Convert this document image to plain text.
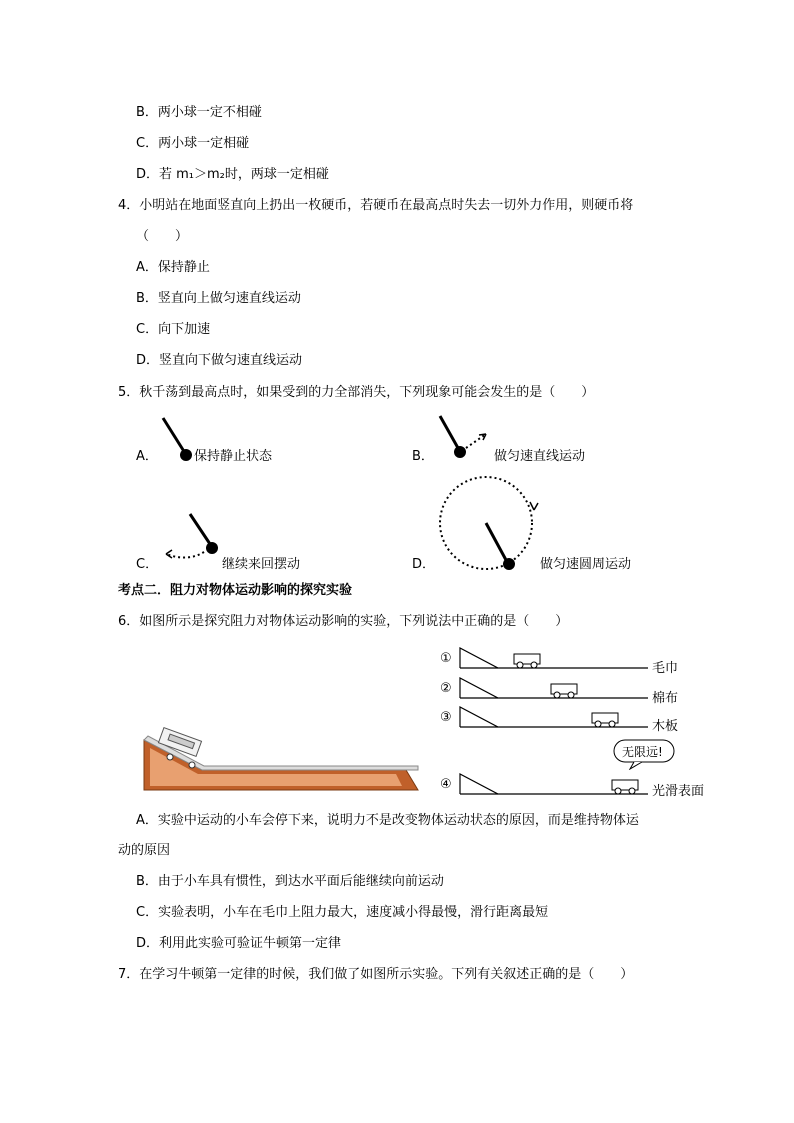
B．两小球一定不相碰
C．两小球一定相碰
D．若 m₁＞m₂时，两球一定相碰
4．小明站在地面竖直向上扔出一枚硬币，若硬币在最高点时失去一切外力作用，则硬币将
（　　）
A．保持静止
B．竖直向上做匀速直线运动
C．向下加速
D．竖直向下做匀速直线运动
5．秋千荡到最高点时，如果受到的力全部消失，下列现象可能会发生的是（　　）
A．	保持静止状态	B．	做匀速直线运动
C．	继续来回摆动	D．	做匀速圆周运动
考点二．阻力对物体运动影响的探究实验
6．如图所示是探究阻力对物体运动影响的实验，下列说法中正确的是（　　）
①
毛巾
②
棉布
③
木板
无限远!
④	光滑表面
A．实验中运动的小车会停下来，说明力不是改变物体运动状态的原因，而是维持物体运
动的原因
B．由于小车具有惯性，到达水平面后能继续向前运动
C．实验表明，小车在毛巾上阻力最大，速度减小得最慢，滑行距离最短
D．利用此实验可验证牛顿第一定律
7．在学习牛顿第一定律的时候，我们做了如图所示实验。下列有关叙述正确的是（　　）
